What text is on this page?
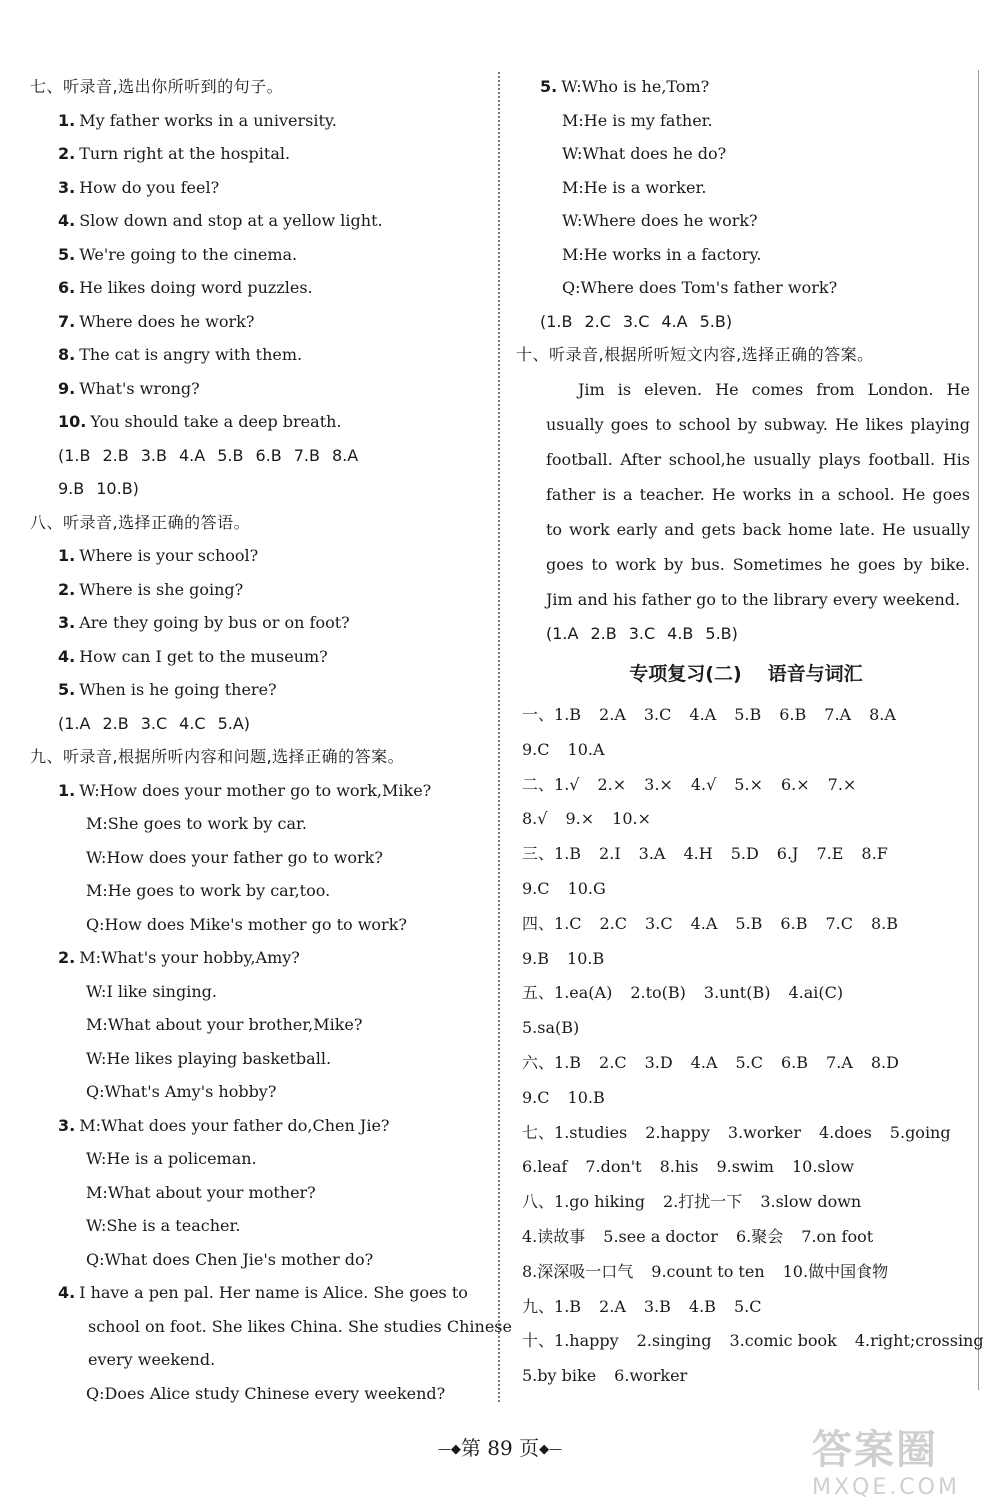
七、听录音,选出你所听到的句子。
1. My father works in a university.
2. Turn right at the hospital.
3. How do you feel?
4. Slow down and stop at a yellow light.
5. We're going to the cinema.
6. He likes doing word puzzles.
7. Where does he work?
8. The cat is angry with them.
9. What's wrong?
10. You should take a deep breath.
(1.B 2.B 3.B 4.A 5.B 6.B 7.B 8.A
9.B 10.B)
八、听录音,选择正确的答语。
1. Where is your school?
2. Where is she going?
3. Are they going by bus or on foot?
4. How can I get to the museum?
5. When is he going there?
(1.A 2.B 3.C 4.C 5.A)
九、听录音,根据所听内容和问题,选择正确的答案。
1. W:How does your mother go to work,Mike?
M:She goes to work by car.
W:How does your father go to work?
M:He goes to work by car,too.
Q:How does Mike's mother go to work?
2. M:What's your hobby,Amy?
W:I like singing.
M:What about your brother,Mike?
W:He likes playing basketball.
Q:What's Amy's hobby?
3. M:What does your father do,Chen Jie?
W:He is a policeman.
M:What about your mother?
W:She is a teacher.
Q:What does Chen Jie's mother do?
4. I have a pen pal. Her name is Alice. She goes to
school on foot. She likes China. She studies Chinese
every weekend.
Q:Does Alice study Chinese every weekend?
5. W:Who is he,Tom?
M:He is my father.
W:What does he do?
M:He is a worker.
W:Where does he work?
M:He works in a factory.
Q:Where does Tom's father work?
(1.B 2.C 3.C 4.A 5.B)
十、听录音,根据所听短文内容,选择正确的答案。
Jim is eleven. He comes from London. He usually goes to school by subway. He likes playing football. After school,he usually plays football. His father is a teacher. He works in a school. He goes to work early and gets back home late. He usually goes to work by bus. Sometimes he goes by bike. Jim and his father go to the library every weekend.
(1.A 2.B 3.C 4.B 5.B)
专项复习(二) 语音与词汇
一、1.B 2.A 3.C 4.A 5.B 6.B 7.A 8.A
9.C 10.A
二、1.√ 2.× 3.× 4.√ 5.× 6.× 7.×
8.√ 9.× 10.×
三、1.B 2.I 3.A 4.H 5.D 6.J 7.E 8.F
9.C 10.G
四、1.C 2.C 3.C 4.A 5.B 6.B 7.C 8.B
9.B 10.B
五、1.ea(A) 2.to(B) 3.unt(B) 4.ai(C)
5.sa(B)
六、1.B 2.C 3.D 4.A 5.C 6.B 7.A 8.D
9.C 10.B
七、1.studies 2.happy 3.worker 4.does 5.going
6.leaf 7.don't 8.his 9.swim 10.slow
八、1.go hiking 2.打扰一下 3.slow down
4.读故事 5.see a doctor 6.聚会 7.on foot
8.深深吸一口气 9.count to ten 10.做中国食物
九、1.B 2.A 3.B 4.B 5.C
十、1.happy 2.singing 3.comic book 4.right;crossing
5.by bike 6.worker
—◆第 89 页◆—	答案圈
MXQE.COM
